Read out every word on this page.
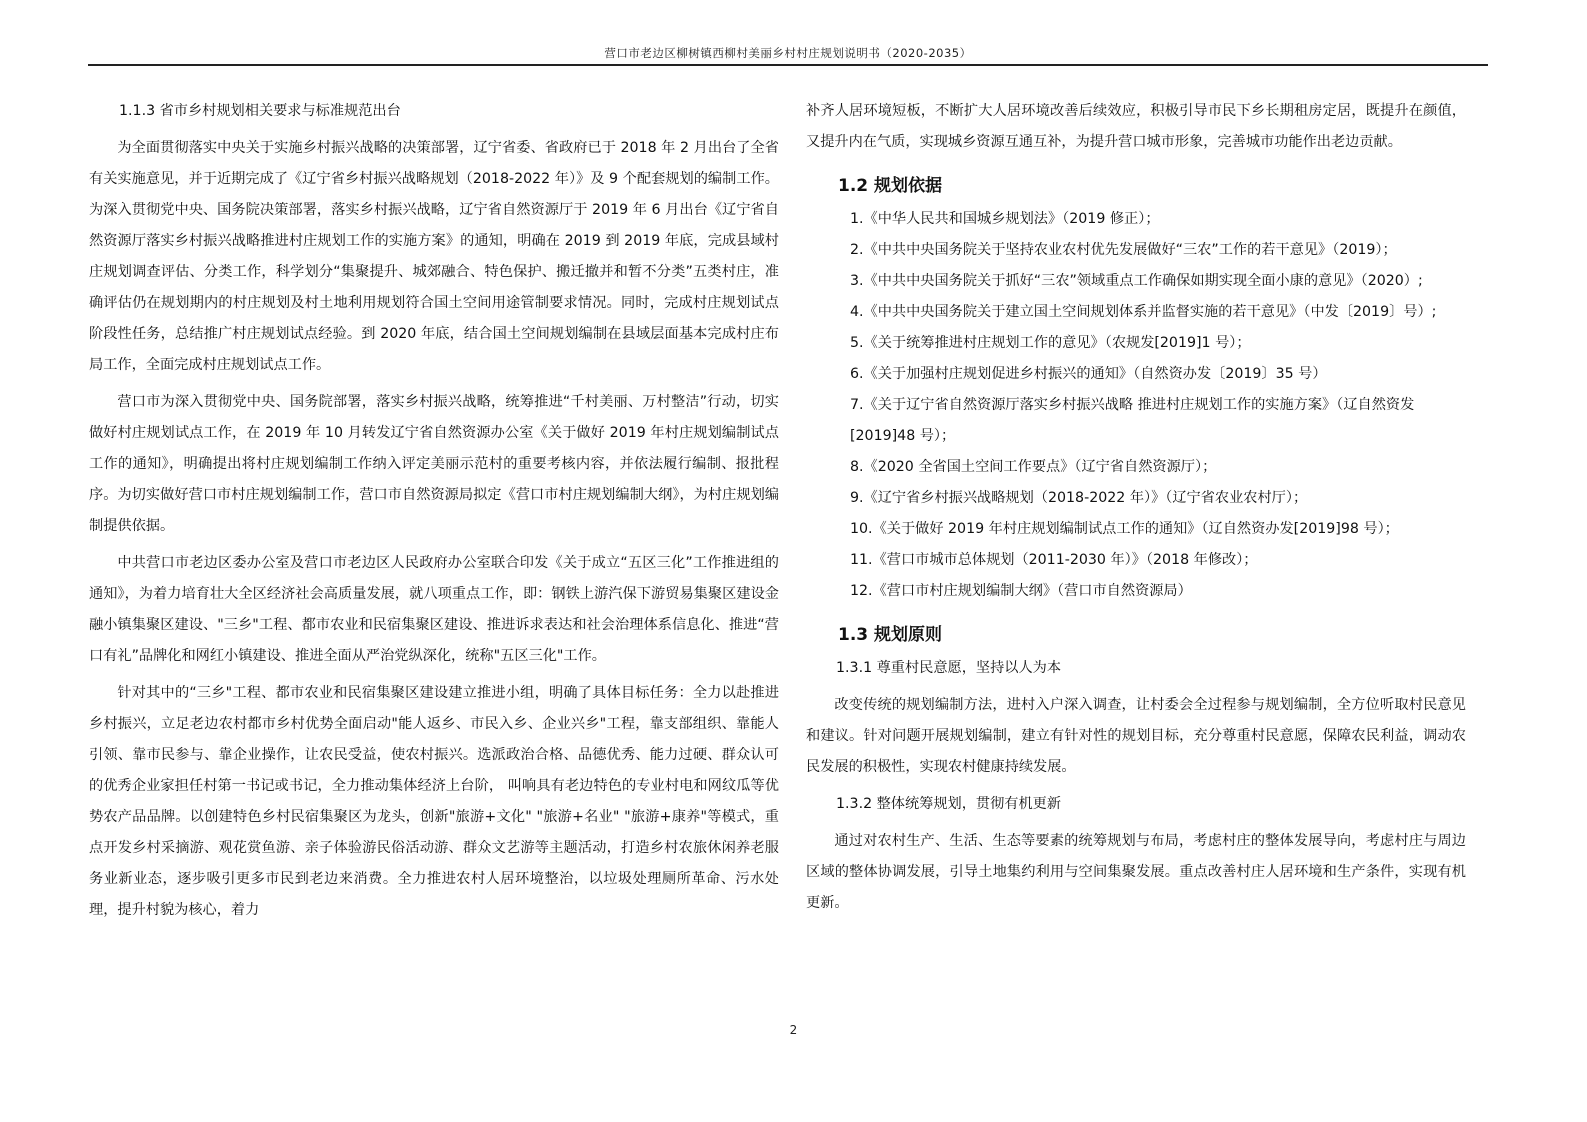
营口市老边区柳树镇西柳村美丽乡村村庄规划说明书（2020-2035）

1.1.3 省市乡村规划相关要求与标准规范出台

为全面贯彻落实中央关于实施乡村振兴战略的决策部署，辽宁省委、省政府已于 2018 年 2 月出台了全省有关实施意见，并于近期完成了《辽宁省乡村振兴战略规划（2018-2022 年）》及 9 个配套规划的编制工作。为深入贯彻党中央、国务院决策部署，落实乡村振兴战略，辽宁省自然资源厅于 2019 年 6 月出台《辽宁省自然资源厅落实乡村振兴战略推进村庄规划工作的实施方案》的通知，明确在 2019 到 2019 年底，完成县域村庄规划调查评估、分类工作，科学划分“集聚提升、城郊融合、特色保护、搬迁撤并和暂不分类”五类村庄，准确评估仍在规划期内的村庄规划及村土地利用规划符合国土空间用途管制要求情况。同时，完成村庄规划试点阶段性任务，总结推广村庄规划试点经验。到 2020 年底，结合国土空间规划编制在县域层面基本完成村庄布局工作，全面完成村庄规划试点工作。

营口市为深入贯彻党中央、国务院部署，落实乡村振兴战略，统筹推进“千村美丽、万村整洁”行动，切实做好村庄规划试点工作，在 2019 年 10 月转发辽宁省自然资源办公室《关于做好 2019 年村庄规划编制试点工作的通知》，明确提出将村庄规划编制工作纳入评定美丽示范村的重要考核内容，并依法履行编制、报批程序。为切实做好营口市村庄规划编制工作，营口市自然资源局拟定《营口市村庄规划编制大纲》，为村庄规划编制提供依据。

中共营口市老边区委办公室及营口市老边区人民政府办公室联合印发《关于成立“五区三化”工作推进组的通知》，为着力培育壮大全区经济社会高质量发展，就八项重点工作，即：钢铁上游汽保下游贸易集聚区建设金融小镇集聚区建设、"三乡"工程、都市农业和民宿集聚区建设、推进诉求表达和社会治理体系信息化、推进“营口有礼”品牌化和网红小镇建设、推进全面从严治党纵深化，统称"五区三化"工作。

针对其中的“三乡"工程、都市农业和民宿集聚区建设建立推进小组，明确了具体目标任务：全力以赴推进乡村振兴，立足老边农村都市乡村优势全面启动"能人返乡、市民入乡、企业兴乡"工程，靠支部组织、靠能人引领、靠市民参与、靠企业操作，让农民受益，使农村振兴。选派政治合格、品德优秀、能力过硬、群众认可的优秀企业家担任村第一书记或书记，全力推动集体经济上台阶， 叫响具有老边特色的专业村电和网纹瓜等优势农产品品牌。以创建特色乡村民宿集聚区为龙头，创新"旅游+文化" "旅游+名业" "旅游+康养"等模式，重点开发乡村采摘游、观花赏鱼游、亲子体验游民俗活动游、群众文艺游等主题活动，打造乡村农旅休闲养老服务业新业态，逐步吸引更多市民到老边来消费。全力推进农村人居环境整治，以垃圾处理厕所革命、污水处理，提升村貌为核心，着力

补齐人居环境短板，不断扩大人居环境改善后续效应，积极引导市民下乡长期租房定居，既提升在颜值，又提升内在气质，实现城乡资源互通互补，为提升营口城市形象，完善城市功能作出老边贡献。

1.2 规划依据
1.《中华人民共和国城乡规划法》（2019 修正）；
2.《中共中央国务院关于坚持农业农村优先发展做好“三农”工作的若干意见》（2019）；
3.《中共中央国务院关于抓好“三农”领域重点工作确保如期实现全面小康的意见》（2020）;
4.《中共中央国务院关于建立国土空间规划体系并监督实施的若干意见》（中发〔2019〕号）;
5.《关于统筹推进村庄规划工作的意见》（农规发[2019]1 号）；
6.《关于加强村庄规划促进乡村振兴的通知》（自然资办发〔2019〕35 号）
7.《关于辽宁省自然资源厅落实乡村振兴战略 推进村庄规划工作的实施方案》（辽自然资发[2019]48 号）；
8.《2020 全省国土空间工作要点》（辽宁省自然资源厅）；
9.《辽宁省乡村振兴战略规划（2018-2022 年）》（辽宁省农业农村厅）；
10.《关于做好 2019 年村庄规划编制试点工作的通知》（辽自然资办发[2019]98 号）；
11.《营口市城市总体规划（2011-2030 年）》（2018 年修改）；
12.《营口市村庄规划编制大纲》（营口市自然资源局）
1.3 规划原则

1.3.1 尊重村民意愿，坚持以人为本

改变传统的规划编制方法，进村入户深入调查，让村委会全过程参与规划编制，全方位听取村民意见和建议。针对问题开展规划编制，建立有针对性的规划目标，充分尊重村民意愿，保障农民利益，调动农民发展的积极性，实现农村健康持续发展。

1.3.2 整体统筹规划，贯彻有机更新

通过对农村生产、生活、生态等要素的统筹规划与布局，考虑村庄的整体发展导向，考虑村庄与周边区域的整体协调发展，引导土地集约利用与空间集聚发展。重点改善村庄人居环境和生产条件，实现有机更新。

2
